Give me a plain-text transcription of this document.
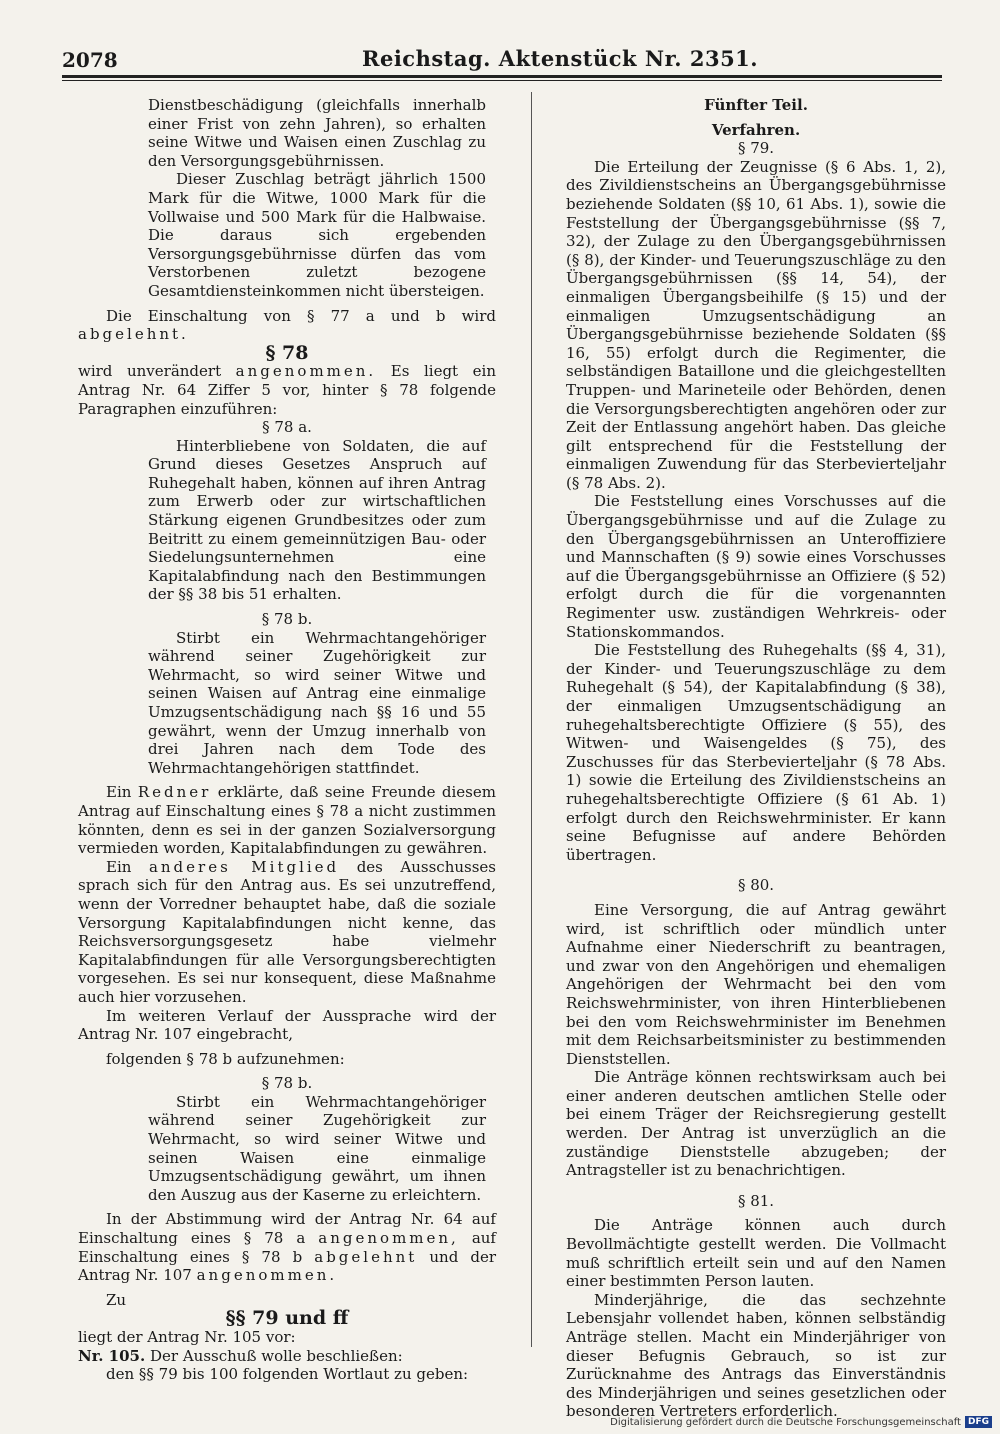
2078	Reichstag. Aktenstück Nr. 2351.

Dienstbeschädigung (gleichfalls innerhalb einer Frist von zehn Jahren), so erhalten seine Witwe und Waisen einen Zuschlag zu den Versorgungsgebührnissen.

Dieser Zuschlag beträgt jährlich 1500 Mark für die Witwe, 1000 Mark für die Vollwaise und 500 Mark für die Halbwaise. Die daraus sich ergebenden Versorgungsgebührnisse dürfen das vom Verstorbenen zuletzt bezogene Gesamtdiensteinkommen nicht übersteigen.

Die Einschaltung von § 77 a und b wird abgelehnt.

§ 78

wird unverändert angenommen. Es liegt ein Antrag Nr. 64 Ziffer 5 vor, hinter § 78 folgende Paragraphen einzuführen:

§ 78 a.

Hinterbliebene von Soldaten, die auf Grund dieses Gesetzes Anspruch auf Ruhegehalt haben, können auf ihren Antrag zum Erwerb oder zur wirtschaftlichen Stärkung eigenen Grundbesitzes oder zum Beitritt zu einem gemeinnützigen Bau- oder Siedelungsunternehmen eine Kapitalabfindung nach den Bestimmungen der §§ 38 bis 51 erhalten.

§ 78 b.

Stirbt ein Wehrmachtangehöriger während seiner Zugehörigkeit zur Wehrmacht, so wird seiner Witwe und seinen Waisen auf Antrag eine einmalige Umzugsentschädigung nach §§ 16 und 55 gewährt, wenn der Umzug innerhalb von drei Jahren nach dem Tode des Wehrmachtangehörigen stattfindet.

Ein Redner erklärte, daß seine Freunde diesem Antrag auf Einschaltung eines § 78 a nicht zustimmen könnten, denn es sei in der ganzen Sozialversorgung vermieden worden, Kapitalabfindungen zu gewähren.

Ein anderes Mitglied des Ausschusses sprach sich für den Antrag aus. Es sei unzutreffend, wenn der Vorredner behauptet habe, daß die soziale Versorgung Kapitalabfindungen nicht kenne, das Reichsversorgungsgesetz habe vielmehr Kapitalabfindungen für alle Versorgungsberechtigten vorgesehen. Es sei nur konsequent, diese Maßnahme auch hier vorzusehen.

Im weiteren Verlauf der Aussprache wird der Antrag Nr. 107 eingebracht,

folgenden § 78 b aufzunehmen:

§ 78 b.

Stirbt ein Wehrmachtangehöriger während seiner Zugehörigkeit zur Wehrmacht, so wird seiner Witwe und seinen Waisen eine einmalige Umzugsentschädigung gewährt, um ihnen den Auszug aus der Kaserne zu erleichtern.

In der Abstimmung wird der Antrag Nr. 64 auf Einschaltung eines § 78 a angenommen, auf Einschaltung eines § 78 b abgelehnt und der Antrag Nr. 107 angenommen.

Zu

§§ 79 und ff

liegt der Antrag Nr. 105 vor:

Nr. 105. Der Ausschuß wolle beschließen:

den §§ 79 bis 100 folgenden Wortlaut zu geben:

Fünfter Teil.

Verfahren.

§ 79.

Die Erteilung der Zeugnisse (§ 6 Abs. 1, 2), des Zivildienstscheins an Übergangsgebührnisse beziehende Soldaten (§§ 10, 61 Abs. 1), sowie die Feststellung der Übergangsgebührnisse (§§ 7, 32), der Zulage zu den Übergangsgebührnissen (§ 8), der Kinder- und Teuerungszuschläge zu den Übergangsgebührnissen (§§ 14, 54), der einmaligen Übergangsbeihilfe (§ 15) und der einmaligen Umzugsentschädigung an Übergangsgebührnisse beziehende Soldaten (§§ 16, 55) erfolgt durch die Regimenter, die selbständigen Bataillone und die gleichgestellten Truppen- und Marineteile oder Behörden, denen die Versorgungsberechtigten angehören oder zur Zeit der Entlassung angehört haben. Das gleiche gilt entsprechend für die Feststellung der einmaligen Zuwendung für das Sterbevierteljahr (§ 78 Abs. 2).

Die Feststellung eines Vorschusses auf die Übergangsgebührnisse und auf die Zulage zu den Übergangsgebührnissen an Unteroffiziere und Mannschaften (§ 9) sowie eines Vorschusses auf die Übergangsgebührnisse an Offiziere (§ 52) erfolgt durch die für die vorgenannten Regimenter usw. zuständigen Wehrkreis- oder Stationskommandos.

Die Feststellung des Ruhegehalts (§§ 4, 31), der Kinder- und Teuerungszuschläge zu dem Ruhegehalt (§ 54), der Kapitalabfindung (§ 38), der einmaligen Umzugsentschädigung an ruhegehaltsberechtigte Offiziere (§ 55), des Witwen- und Waisengeldes (§ 75), des Zuschusses für das Sterbevierteljahr (§ 78 Abs. 1) sowie die Erteilung des Zivildienstscheins an ruhegehaltsberechtigte Offiziere (§ 61 Ab. 1) erfolgt durch den Reichswehrminister. Er kann seine Befugnisse auf andere Behörden übertragen.

§ 80.

Eine Versorgung, die auf Antrag gewährt wird, ist schriftlich oder mündlich unter Aufnahme einer Niederschrift zu beantragen, und zwar von den Angehörigen und ehemaligen Angehörigen der Wehrmacht bei den vom Reichswehrminister, von ihren Hinterbliebenen bei den vom Reichswehrminister im Benehmen mit dem Reichsarbeitsminister zu bestimmenden Dienststellen.

Die Anträge können rechtswirksam auch bei einer anderen deutschen amtlichen Stelle oder bei einem Träger der Reichsregierung gestellt werden. Der Antrag ist unverzüglich an die zuständige Dienststelle abzugeben; der Antragsteller ist zu benachrichtigen.

§ 81.

Die Anträge können auch durch Bevollmächtigte gestellt werden. Die Vollmacht muß schriftlich erteilt sein und auf den Namen einer bestimmten Person lauten.

Minderjährige, die das sechzehnte Lebensjahr vollendet haben, können selbständig Anträge stellen. Macht ein Minderjähriger von dieser Befugnis Gebrauch, so ist zur Zurücknahme des Antrags das Einverständnis des Minderjährigen und seines gesetzlichen oder besonderen Vertreters erforderlich.

Digitalisierung gefördert durch die Deutsche Forschungsgemeinschaft DFG
